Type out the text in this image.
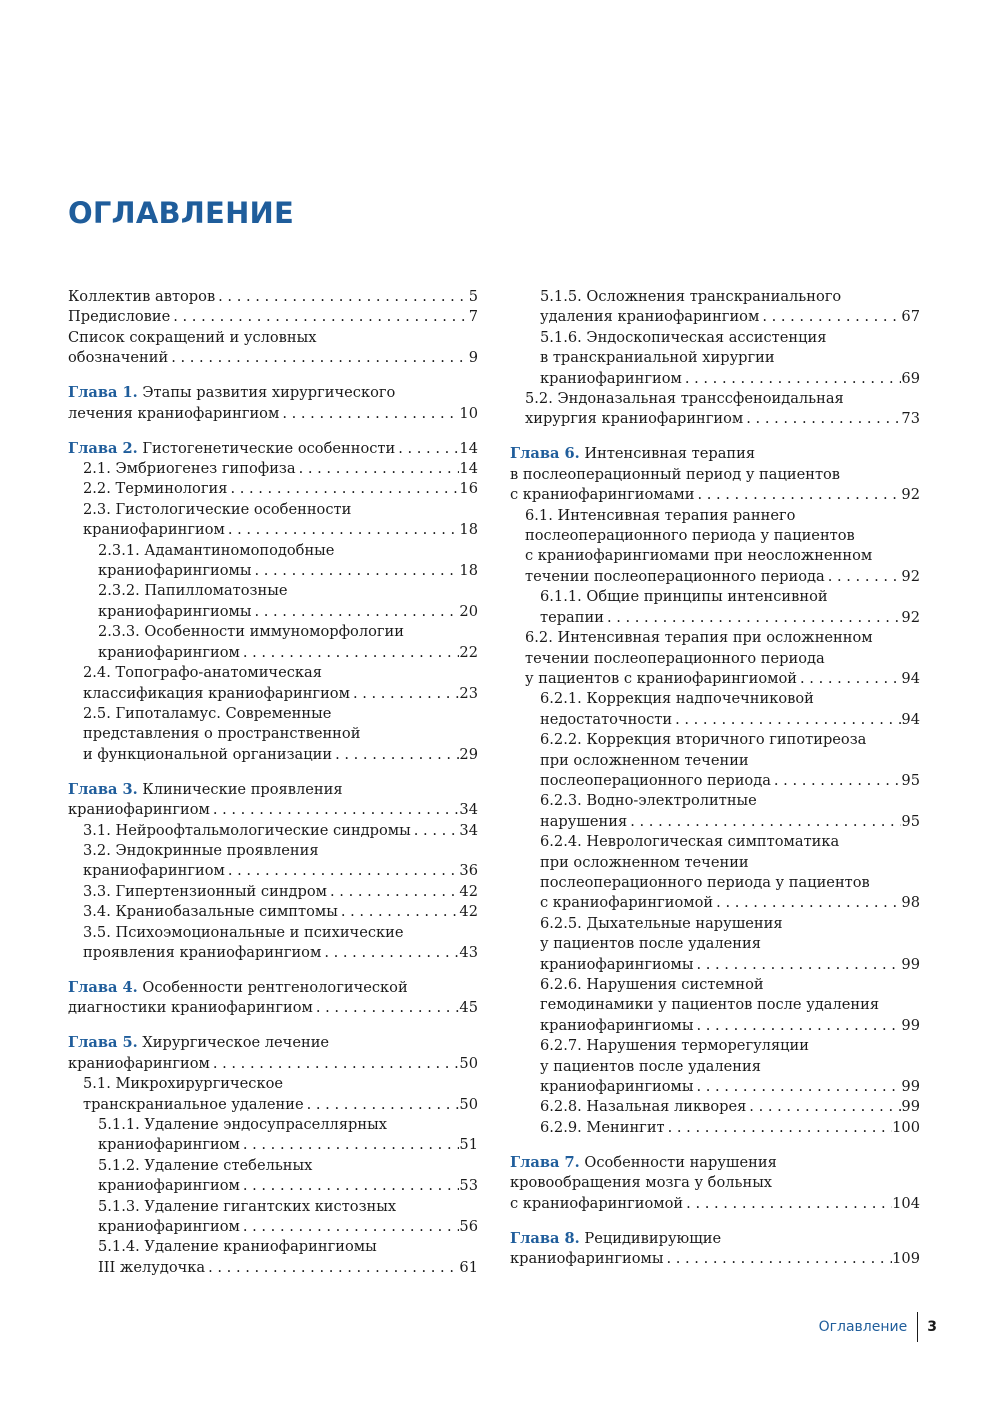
ОГЛАВЛЕНИЕ
Коллектив авторов . . .	5
Предисловие . . .	7
Список сокращений и условных
обозначений . . .	9
Глава 1. Этапы развития хирургического
лечения краниофарингиом . . .	10
Глава 2. Гистогенетические особенности . . .	14
2.1. Эмбриогенез гипофиза . . .	14
2.2. Терминология . . .	16
2.3. Гистологические особенности
краниофарингиом . . .	18
2.3.1. Адамантиномоподобные
краниофарингиомы . . .	18
2.3.2. Папилломатозные
краниофарингиомы . . .	20
2.3.3. Особенности иммуноморфологии
краниофарингиом . . .	22
2.4. Топографо-анатомическая
классификация краниофарингиом . . .	23
2.5. Гипоталамус. Современные
представления о пространственной
и функциональной организации . . .	29
Глава 3. Клинические проявления
краниофарингиом . . .	34
3.1. Нейроофтальмологические синдромы . . .	34
3.2. Эндокринные проявления
краниофарингиом . . .	36
3.3. Гипертензионный синдром . . .	42
3.4. Краниобазальные симптомы . . .	42
3.5. Психоэмоциональные и психические
проявления краниофарингиом . . .	43
Глава 4. Особенности рентгенологической
диагностики краниофарингиом . . .	45
Глава 5. Хирургическое лечение
краниофарингиом . . .	50
5.1. Микрохирургическое
транскраниальное удаление . . .	50
5.1.1. Удаление эндосупраселлярных
краниофарингиом . . .	51
5.1.2. Удаление стебельных
краниофарингиом . . .	53
5.1.3. Удаление гигантских кистозных
краниофарингиом . . .	56
5.1.4. Удаление краниофарингиомы
III желудочка . . .	61
5.1.5. Осложнения транскраниального
удаления краниофарингиом . . .	67
5.1.6. Эндоскопическая ассистенция
в транскраниальной хирургии
краниофарингиом . . .	69
5.2. Эндоназальная транссфеноидальная
хирургия краниофарингиом . . .	73
Глава 6. Интенсивная терапия
в послеоперационный период у пациентов
с краниофарингиомами . . .	92
6.1. Интенсивная терапия раннего
послеоперационного периода у пациентов
с краниофарингиомами при неосложненном
течении послеоперационного периода . . .	92
6.1.1. Общие принципы интенсивной
терапии . . .	92
6.2. Интенсивная терапия при осложненном
течении послеоперационного периода
у пациентов с краниофарингиомой . . .	94
6.2.1. Коррекция надпочечниковой
недостаточности . . .	94
6.2.2. Коррекция вторичного гипотиреоза
при осложненном течении
послеоперационного периода . . .	95
6.2.3. Водно-электролитные
нарушения . . .	95
6.2.4. Неврологическая симптоматика
при осложненном течении
послеоперационного периода у пациентов
с краниофарингиомой . . .	98
6.2.5. Дыхательные нарушения
у пациентов после удаления
краниофарингиомы . . .	99
6.2.6. Нарушения системной
гемодинамики у пациентов после удаления
краниофарингиомы . . .	99
6.2.7. Нарушения терморегуляции
у пациентов после удаления
краниофарингиомы . . .	99
6.2.8. Назальная ликворея . . .	99
6.2.9. Менингит . . .	100
Глава 7. Особенности нарушения
кровообращения мозга у больных
с краниофарингиомой . . .	104
Глава 8. Рецидивирующие
краниофарингиомы . . .	109
Оглавление	3
